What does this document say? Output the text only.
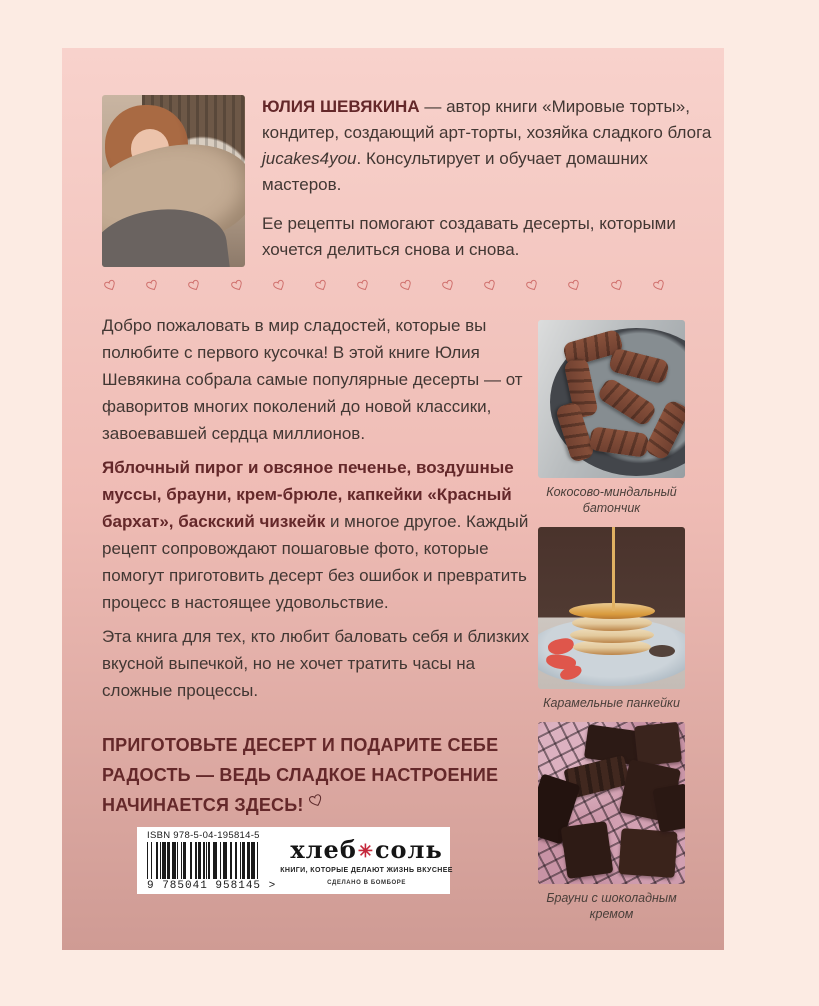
ЮЛИЯ ШЕВЯКИНА — автор книги «Мировые торты», кондитер, создающий арт-торты, хозяйка сладкого блога jucakes4you. Консультирует и обучает домашних мастеров.

Ее рецепты помогают создавать десерты, которыми хочется делиться снова и снова.

Добро пожаловать в мир сладостей, которые вы полюбите с первого кусочка! В этой книге Юлия Шевякина собрала самые популярные десерты — от фаворитов многих поколений до новой классики, завоевавшей сердца миллионов.

Яблочный пирог и овсяное печенье, воздушные муссы, брауни, крем-брюле, капкейки «Красный бархат», баскский чизкейк и многое другое. Каждый рецепт сопровождают пошаговые фото, которые помогут приготовить десерт без ошибок и превратить процесс в настоящее удовольствие.

Эта книга для тех, кто любит баловать себя и близких вкусной выпечкой, но не хочет тратить часы на сложные процессы.

ПРИГОТОВЬТЕ ДЕСЕРТ И ПОДАРИТЕ СЕБЕ РАДОСТЬ — ВЕДЬ СЛАДКОЕ НАСТРОЕНИЕ НАЧИНАЕТСЯ ЗДЕСЬ!

Кокосово-миндальный батончик
Карамельные панкейки
Брауни с шоколадным кремом
ISBN 978-5-04-195814-5
9 785041 958145 >
хлеб✳соль
КНИГИ, КОТОРЫЕ ДЕЛАЮТ ЖИЗНЬ ВКУСНЕЕ
СДЕЛАНО В БОМБОРЕ
